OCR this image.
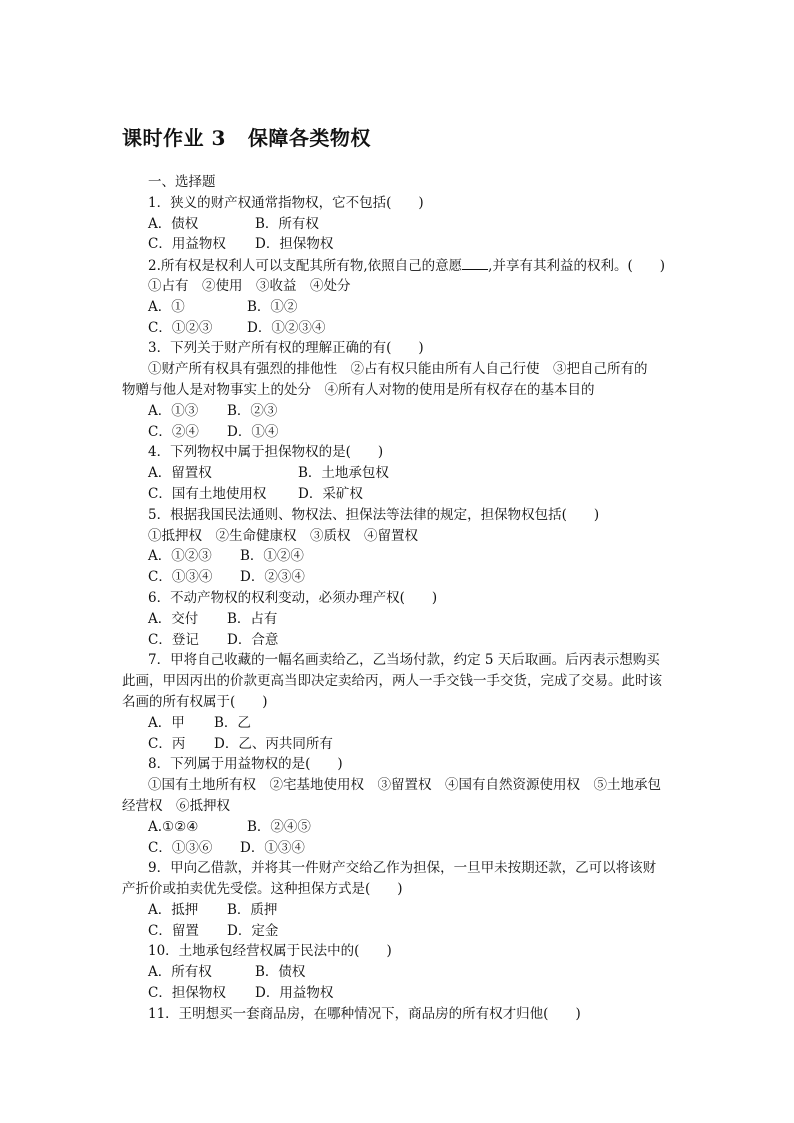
课时作业 3 保障各类物权
一、选择题
1．狭义的财产权通常指物权，它不包括(　　)
A．债权	B．所有权
C．用益物权	D．担保物权
2.所有权是权利人可以支配其所有物,依照自己的意愿 ,并享有其利益的权利。(　　)
①占有　②使用　③收益　④处分
A．①	B．①②
C．①②③	D．①②③④
3．下列关于财产所有权的理解正确的有(　　)
①财产所有权具有强烈的排他性　②占有权只能由所有人自己行使　③把自己所有的
物赠与他人是对物事实上的处分　④所有人对物的使用是所有权存在的基本目的
A．①③	B．②③
C．②④	D．①④
4．下列物权中属于担保物权的是(　　)
A．留置权	B．土地承包权
C．国有土地使用权	D．采矿权
5．根据我国民法通则、物权法、担保法等法律的规定，担保物权包括(　　)
①抵押权　②生命健康权　③质权　④留置权
A．①②③	B．①②④
C．①③④	D．②③④
6．不动产物权的权利变动，必须办理产权(　　)
A．交付	B．占有
C．登记	D．合意
7．甲将自己收藏的一幅名画卖给乙，乙当场付款，约定 5 天后取画。后丙表示想购买
此画，甲因丙出的价款更高当即决定卖给丙，两人一手交钱一手交货，完成了交易。此时该
名画的所有权属于(　　)
A．甲	B．乙
C．丙	D．乙、丙共同所有
8．下列属于用益物权的是(　　)
①国有土地所有权　②宅基地使用权　③留置权　④国有自然资源使用权　⑤土地承包
经营权　⑥抵押权
A.①②④	B．②④⑤
C．①③⑥	D．①③④
9．甲向乙借款，并将其一件财产交给乙作为担保，一旦甲未按期还款，乙可以将该财
产折价或拍卖优先受偿。这种担保方式是(　　)
A．抵押	B．质押
C．留置	D．定金
10．土地承包经营权属于民法中的(　　)
A．所有权	B．债权
C．担保物权	D．用益物权
11．王明想买一套商品房，在哪种情况下，商品房的所有权才归他(　　)
